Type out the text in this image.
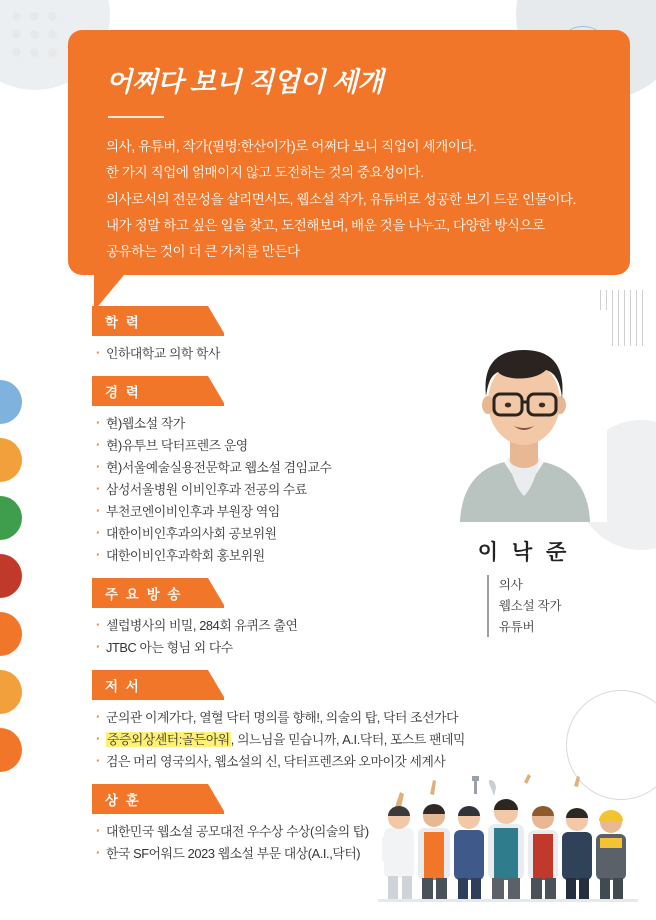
어쩌다 보니 직업이 세개
의사, 유튜버, 작가(필명:한산이가)로 어쩌다 보니 직업이 세개이다.
한 가지 직업에 얽매이지 않고 도전하는 것의 중요성이다.
의사로서의 전문성을 살리면서도, 웹소설 작가, 유튜버로 성공한 보기 드문 인물이다.
내가 정말 하고 싶은 일을 찾고, 도전해보며, 배운 것을 나누고, 다양한 방식으로
공유하는 것이 더 큰 가치를 만든다
이 낙 준
의사
웹소설 작가
유튜버
학 력
· 인하대학교 의학 학사
경 력
· 현)웹소설 작가
· 현)유투브 닥터프렌즈 운영
· 현)서울예술실용전문학교 웹소설 겸임교수
· 삼성서울병원 이비인후과 전공의 수료
· 부천코엔이비인후과 부원장 역임
· 대한이비인후과의사회 공보위원
· 대한이비인후과학회 홍보위원
주 요 방 송
· 셀럽병사의 비밀, 284회 유퀴즈 출연
· JTBC 아는 형님 외 다수
저 서
· 군의관 이계가다, 열혈 닥터 명의를 향해!, 의술의 탑, 닥터 조선가다
· 중증외상센터:골든아워, 의느님을 믿습니까, A.I.닥터, 포스트 팬데믹
· 검은 머리 영국의사, 웹소설의 신, 닥터프렌즈와 오마이갓 세계사
상 훈
· 대한민국 웹소설 공모대전 우수상 수상(의술의 탑)
· 한국 SF어워드 2023 웹소설 부문 대상(A.I.,닥터)
